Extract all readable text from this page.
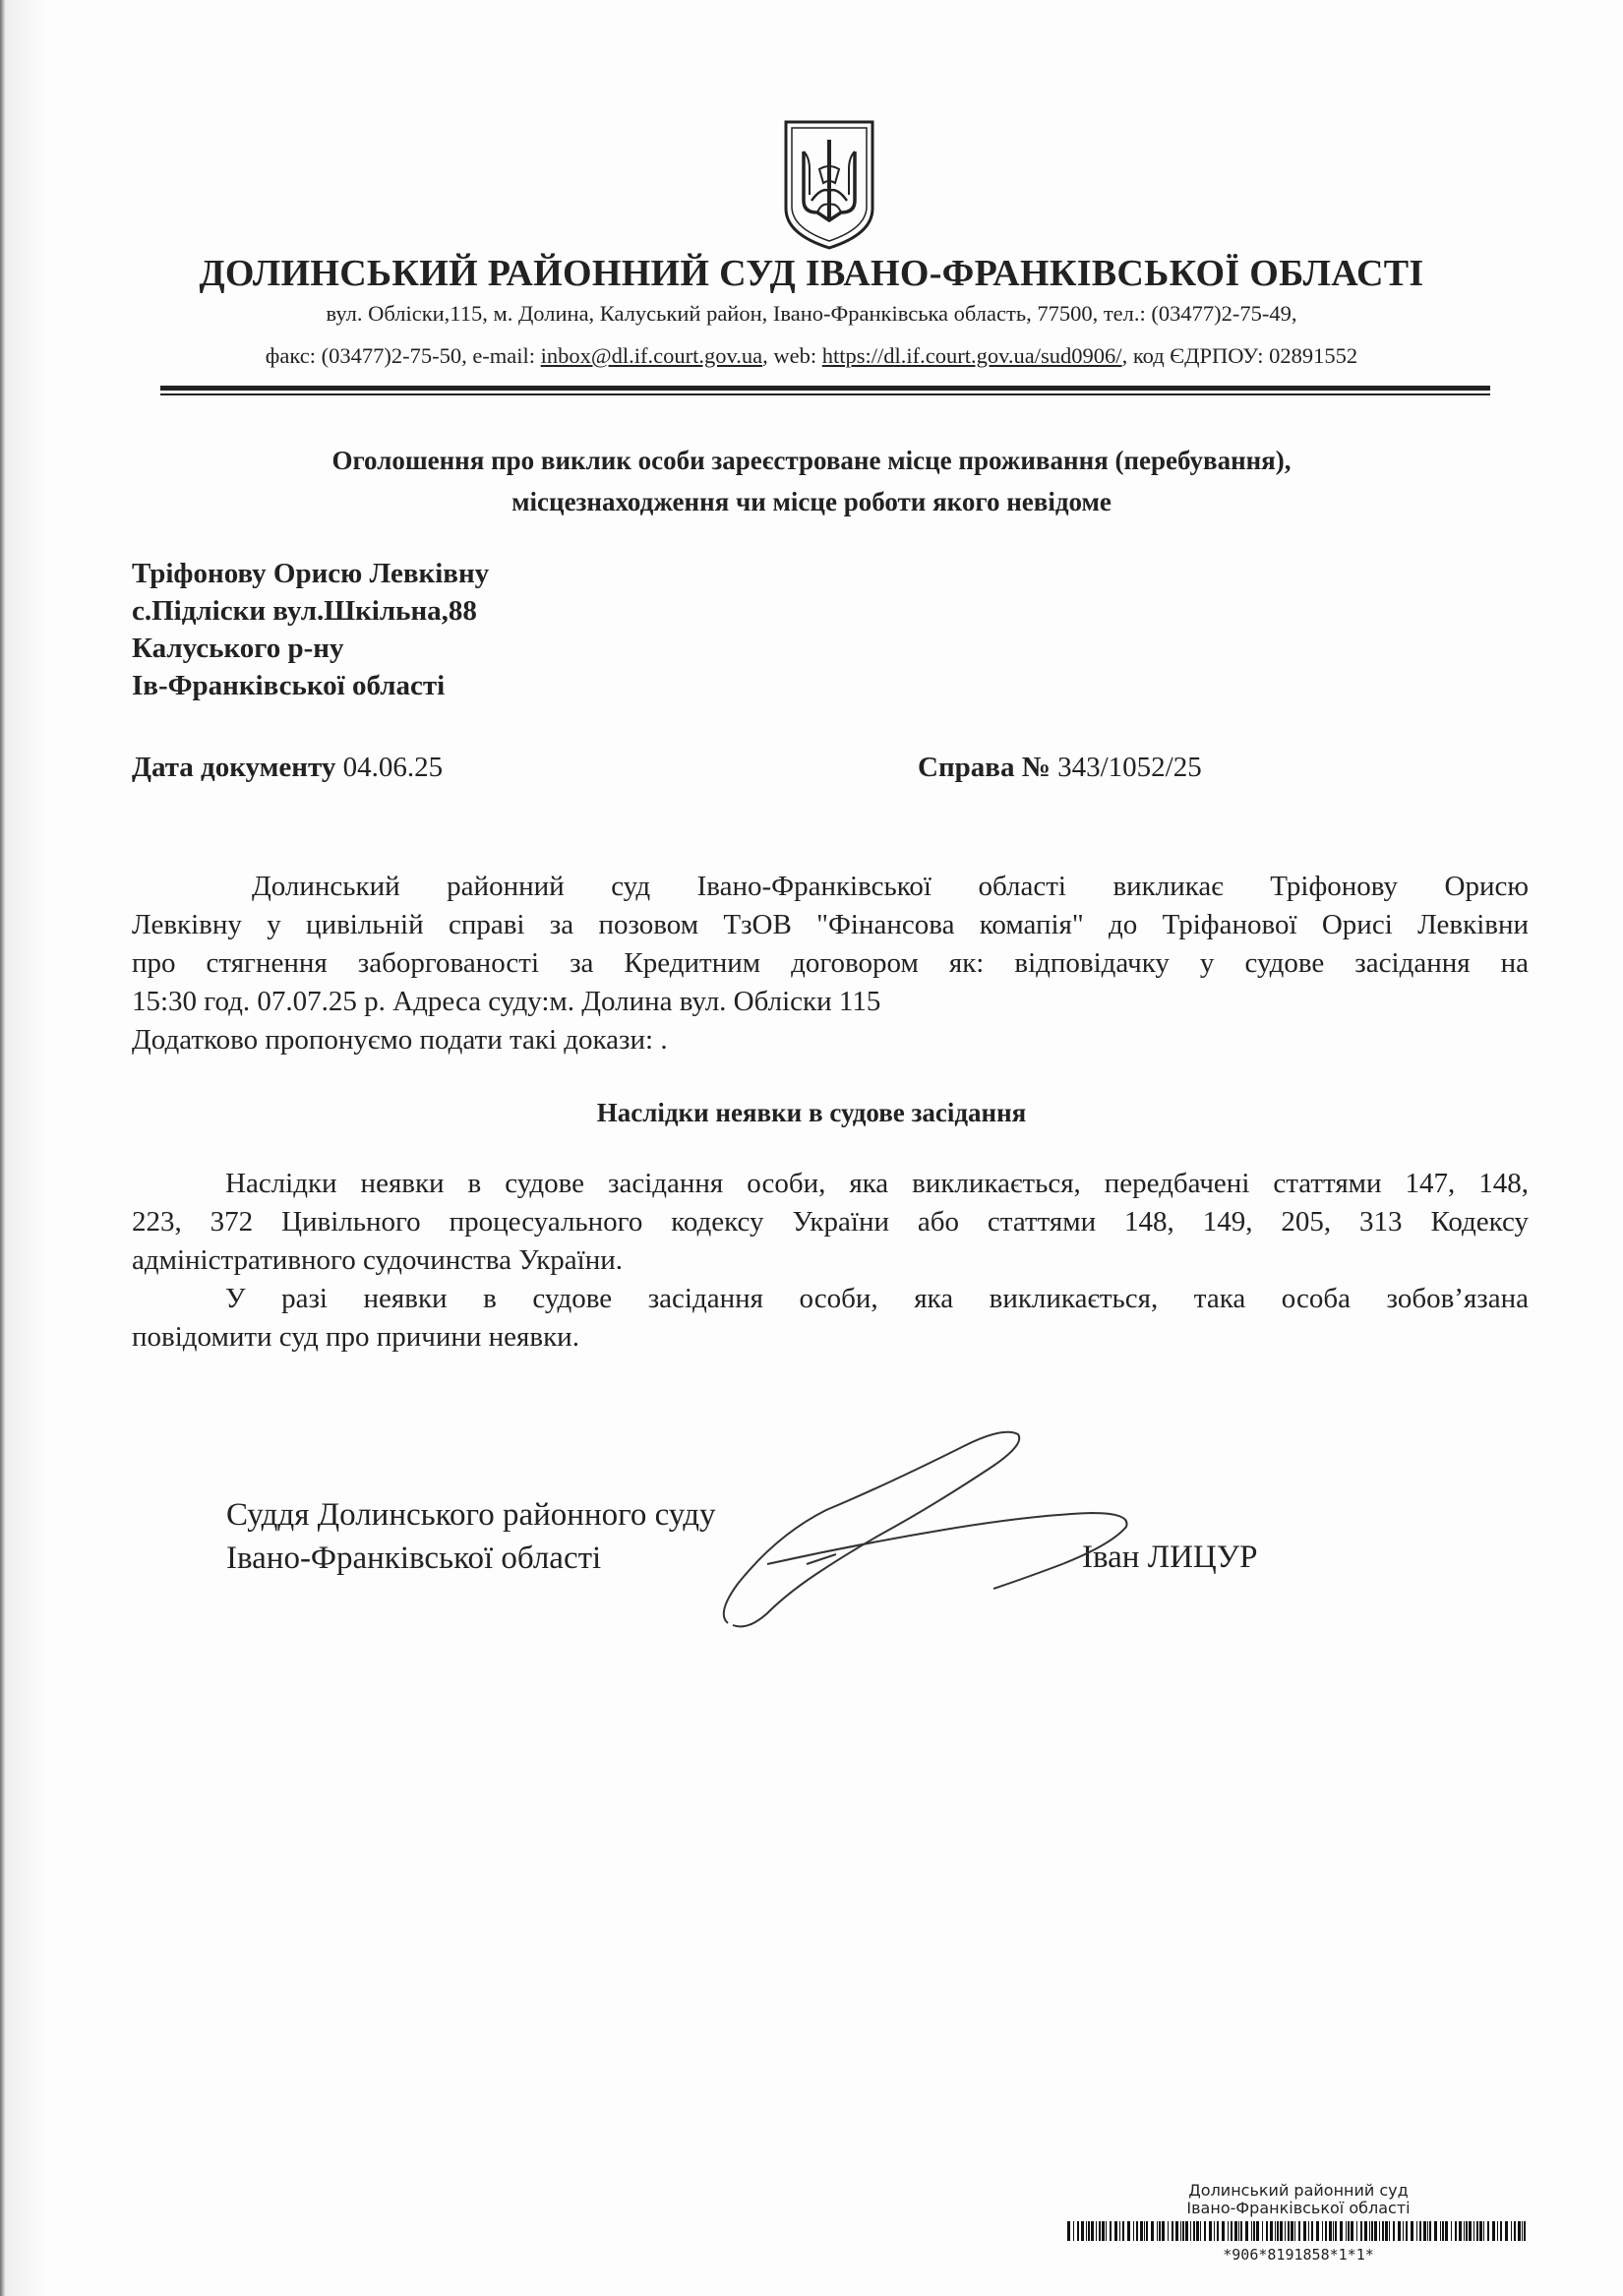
ДОЛИНСЬКИЙ РАЙОННИЙ СУД ІВАНО-ФРАНКІВСЬКОЇ ОБЛАСТІ
вул. Обліски,115, м. Долина, Калуський район, Івано-Франківська область, 77500, тел.: (03477)2-75-49,
факс: (03477)2-75-50, e-mail: inbox@dl.if.court.gov.ua, web: https://dl.if.court.gov.ua/sud0906/, код ЄДРПОУ: 02891552
Оголошення про виклик особи зареєстроване місце проживання (перебування),
місцезнаходження чи місце роботи якого невідоме
Тріфонову Орисю Левківну
с.Підліски вул.Шкільна,88
Калуського р-ну
Ів-Франківської області
Дата документу 04.06.25	Справа № 343/1052/25
Долинський районний суд Івано-Франківської області викликає Тріфонову Орисю
Левківну у цивільній справі за позовом ТзОВ "Фінансова комапія" до Тріфанової Орисі Левківни
про стягнення заборгованості за Кредитним договором як: відповідачку у судове засідання на
15:30 год. 07.07.25 р. Адреса суду:м. Долина вул. Обліски 115
Додатково пропонуємо подати такі докази: .
Наслідки неявки в судове засідання
Наслідки неявки в судове засідання особи, яка викликається, передбачені статтями 147, 148,
223, 372 Цивільного процесуального кодексу України або статтями 148, 149, 205, 313 Кодексу
адміністративного судочинства України.
У разі неявки в судове засідання особи, яка викликається, така особа зобов’язана
повідомити суд про причини неявки.
Суддя Долинського районного суду
Івано-Франківської області	Іван ЛИЦУР
Долинський районний суд
Івано-Франківської області
*906*8191858*1*1*
